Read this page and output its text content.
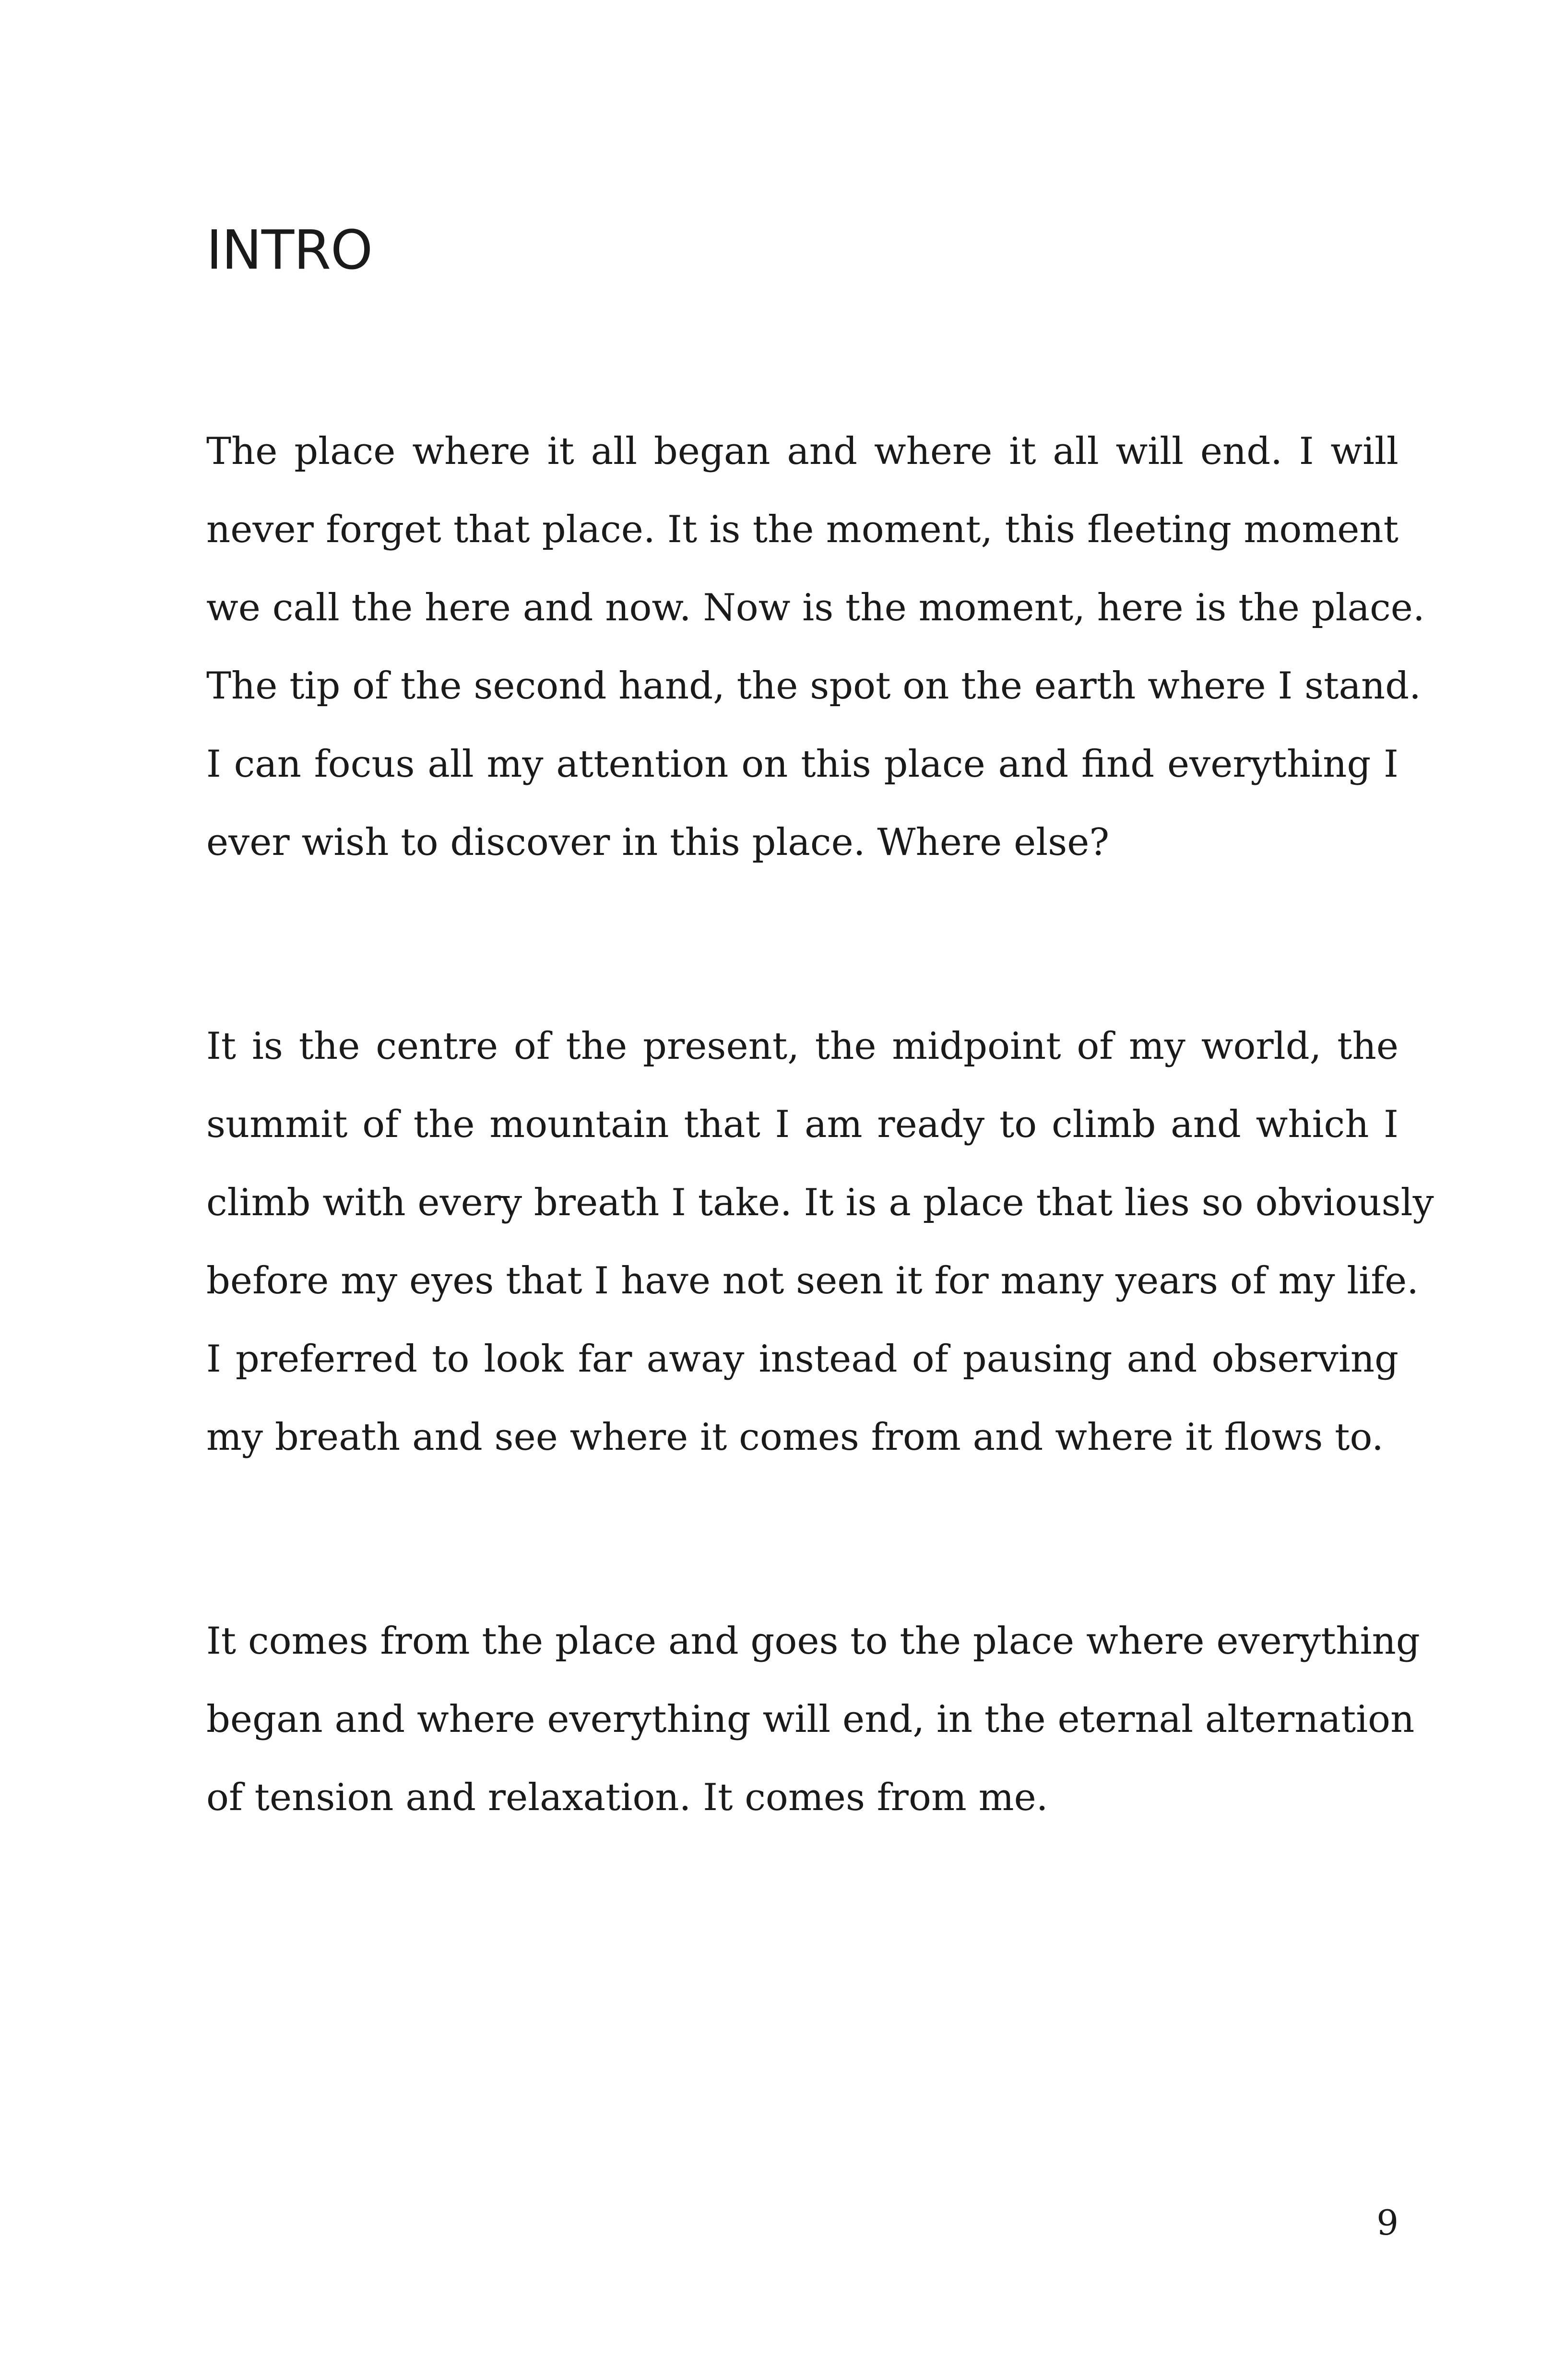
INTRO

The place where it all began and where it all will end. I will
never forget that place. It is the moment, this fleeting moment
we call the here and now. Now is the moment, here is the place.
The tip of the second hand, the spot on the earth where I stand.
I can focus all my attention on this place and find everything I
ever wish to discover in this place. Where else?

It is the centre of the present, the midpoint of my world, the
summit of the mountain that I am ready to climb and which I
climb with every breath I take. It is a place that lies so obviously
before my eyes that I have not seen it for many years of my life.
I preferred to look far away instead of pausing and observing
my breath and see where it comes from and where it flows to.

It comes from the place and goes to the place where everything
began and where everything will end, in the eternal alternation
of tension and relaxation. It comes from me.

9
